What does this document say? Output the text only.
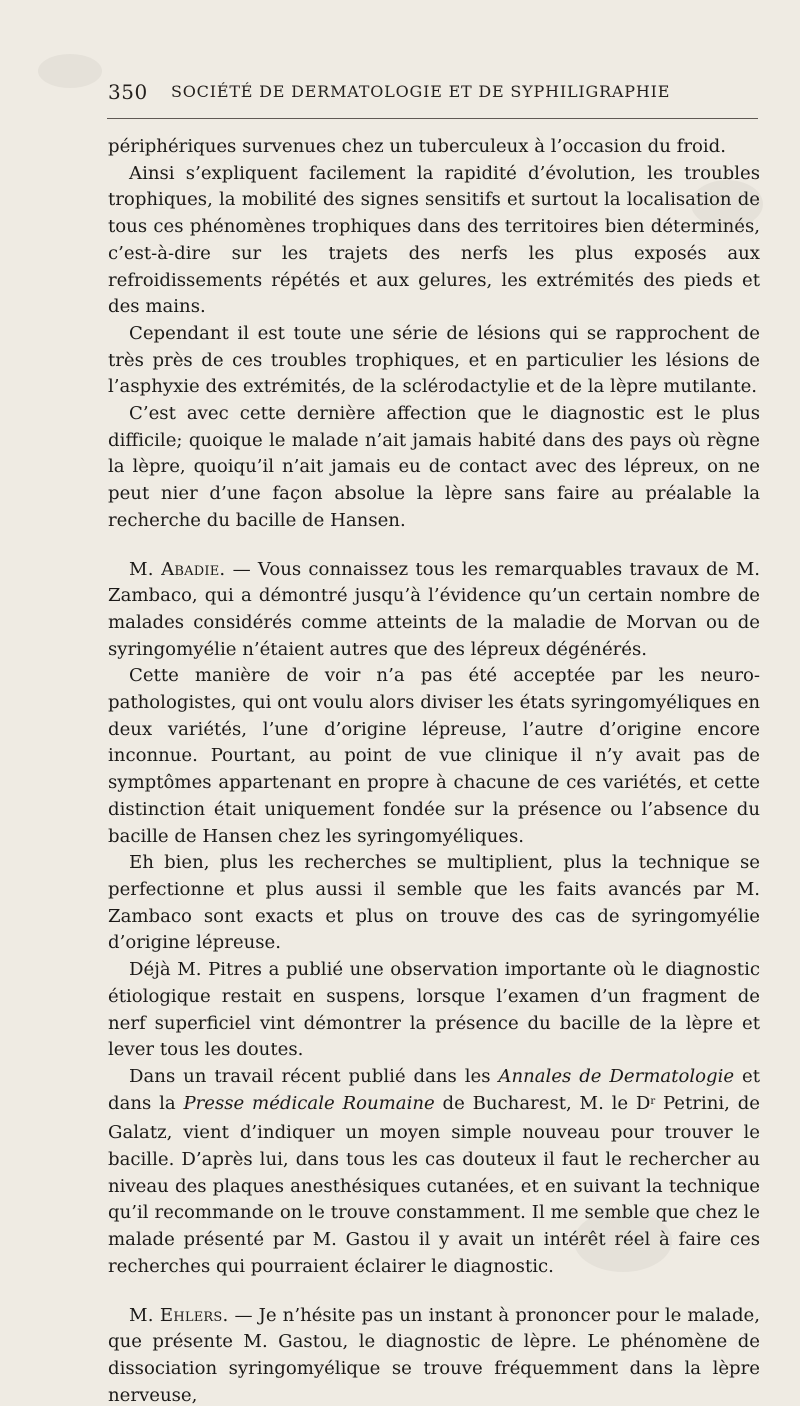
350 SOCIÉTÉ DE DERMATOLOGIE ET DE SYPHILIGRAPHIE

périphériques survenues chez un tuberculeux à l’occasion du froid.

Ainsi s’expliquent facilement la rapidité d’évolution, les troubles trophiques, la mobilité des signes sensitifs et surtout la localisation de tous ces phénomènes trophiques dans des territoires bien déterminés, c’est-à-dire sur les trajets des nerfs les plus exposés aux refroidissements répétés et aux gelures, les extrémités des pieds et des mains.

Cependant il est toute une série de lésions qui se rapprochent de très près de ces troubles trophiques, et en particulier les lésions de l’asphyxie des extrémités, de la sclérodactylie et de la lèpre mutilante.

C’est avec cette dernière affection que le diagnostic est le plus difficile; quoique le malade n’ait jamais habité dans des pays où règne la lèpre, quoiqu’il n’ait jamais eu de contact avec des lépreux, on ne peut nier d’une façon absolue la lèpre sans faire au préalable la recherche du bacille de Hansen.

M. Abadie. — Vous connaissez tous les remarquables travaux de M. Zambaco, qui a démontré jusqu’à l’évidence qu’un certain nombre de malades considérés comme atteints de la maladie de Morvan ou de syringomyélie n’étaient autres que des lépreux dégénérés.

Cette manière de voir n’a pas été acceptée par les neuro-pathologistes, qui ont voulu alors diviser les états syringomyéliques en deux variétés, l’une d’origine lépreuse, l’autre d’origine encore inconnue. Pourtant, au point de vue clinique il n’y avait pas de symptômes appartenant en propre à chacune de ces variétés, et cette distinction était uniquement fondée sur la présence ou l’absence du bacille de Hansen chez les syringomyéliques.

Eh bien, plus les recherches se multiplient, plus la technique se perfectionne et plus aussi il semble que les faits avancés par M. Zambaco sont exacts et plus on trouve des cas de syringomyélie d’origine lépreuse.

Déjà M. Pitres a publié une observation importante où le diagnostic étiologique restait en suspens, lorsque l’examen d’un fragment de nerf superficiel vint démontrer la présence du bacille de la lèpre et lever tous les doutes.

Dans un travail récent publié dans les Annales de Dermatologie et dans la Presse médicale Roumaine de Bucharest, M. le $D^r$ Petrini, de Galatz, vient d’indiquer un moyen simple nouveau pour trouver le bacille. D’après lui, dans tous les cas douteux il faut le rechercher au niveau des plaques anesthésiques cutanées, et en suivant la technique qu’il recommande on le trouve constamment. Il me semble que chez le malade présenté par M. Gastou il y avait un intérêt réel à faire ces recherches qui pourraient éclairer le diagnostic.

M. Ehlers. — Je n’hésite pas un instant à prononcer pour le malade, que présente M. Gastou, le diagnostic de lèpre. Le phénomène de dissociation syringomyélique se trouve fréquemment dans la lèpre nerveuse,
